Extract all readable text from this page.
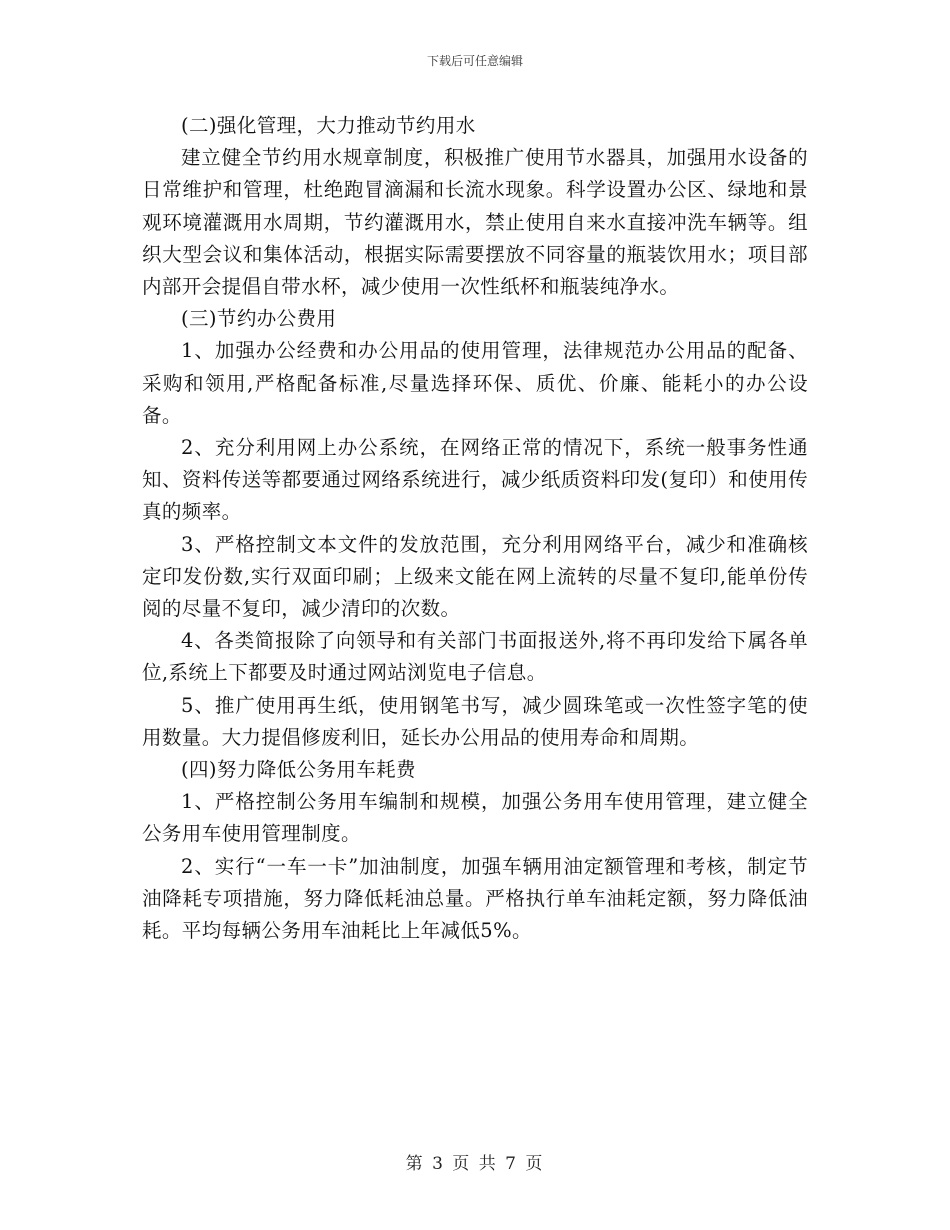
下载后可任意编辑

(二)强化管理，大力推动节约用水

建立健全节约用水规章制度，积极推广使用节水器具，加强用水设备的日常维护和管理，杜绝跑冒滴漏和长流水现象。科学设置办公区、绿地和景观环境灌溉用水周期，节约灌溉用水，禁止使用自来水直接冲洗车辆等。组织大型会议和集体活动，根据实际需要摆放不同容量的瓶装饮用水；项目部内部开会提倡自带水杯，减少使用一次性纸杯和瓶装纯净水。

(三)节约办公费用

1、加强办公经费和办公用品的使用管理，法律规范办公用品的配备、采购和领用,严格配备标准,尽量选择环保、质优、价廉、能耗小的办公设备。

2、充分利用网上办公系统，在网络正常的情况下，系统一般事务性通知、资料传送等都要通过网络系统进行，减少纸质资料印发(复印）和使用传真的频率。

3、严格控制文本文件的发放范围，充分利用网络平台，减少和准确核定印发份数,实行双面印刷；上级来文能在网上流转的尽量不复印,能单份传阅的尽量不复印，减少清印的次数。

4、各类简报除了向领导和有关部门书面报送外,将不再印发给下属各单位,系统上下都要及时通过网站浏览电子信息。

5、推广使用再生纸，使用钢笔书写，减少圆珠笔或一次性签字笔的使用数量。大力提倡修废利旧，延长办公用品的使用寿命和周期。

(四)努力降低公务用车耗费

1、严格控制公务用车编制和规模，加强公务用车使用管理，建立健全公务用车使用管理制度。

2、实行“一车一卡”加油制度，加强车辆用油定额管理和考核，制定节油降耗专项措施，努力降低耗油总量。严格执行单车油耗定额，努力降低油耗。平均每辆公务用车油耗比上年减低5%。

第 3 页 共 7 页
